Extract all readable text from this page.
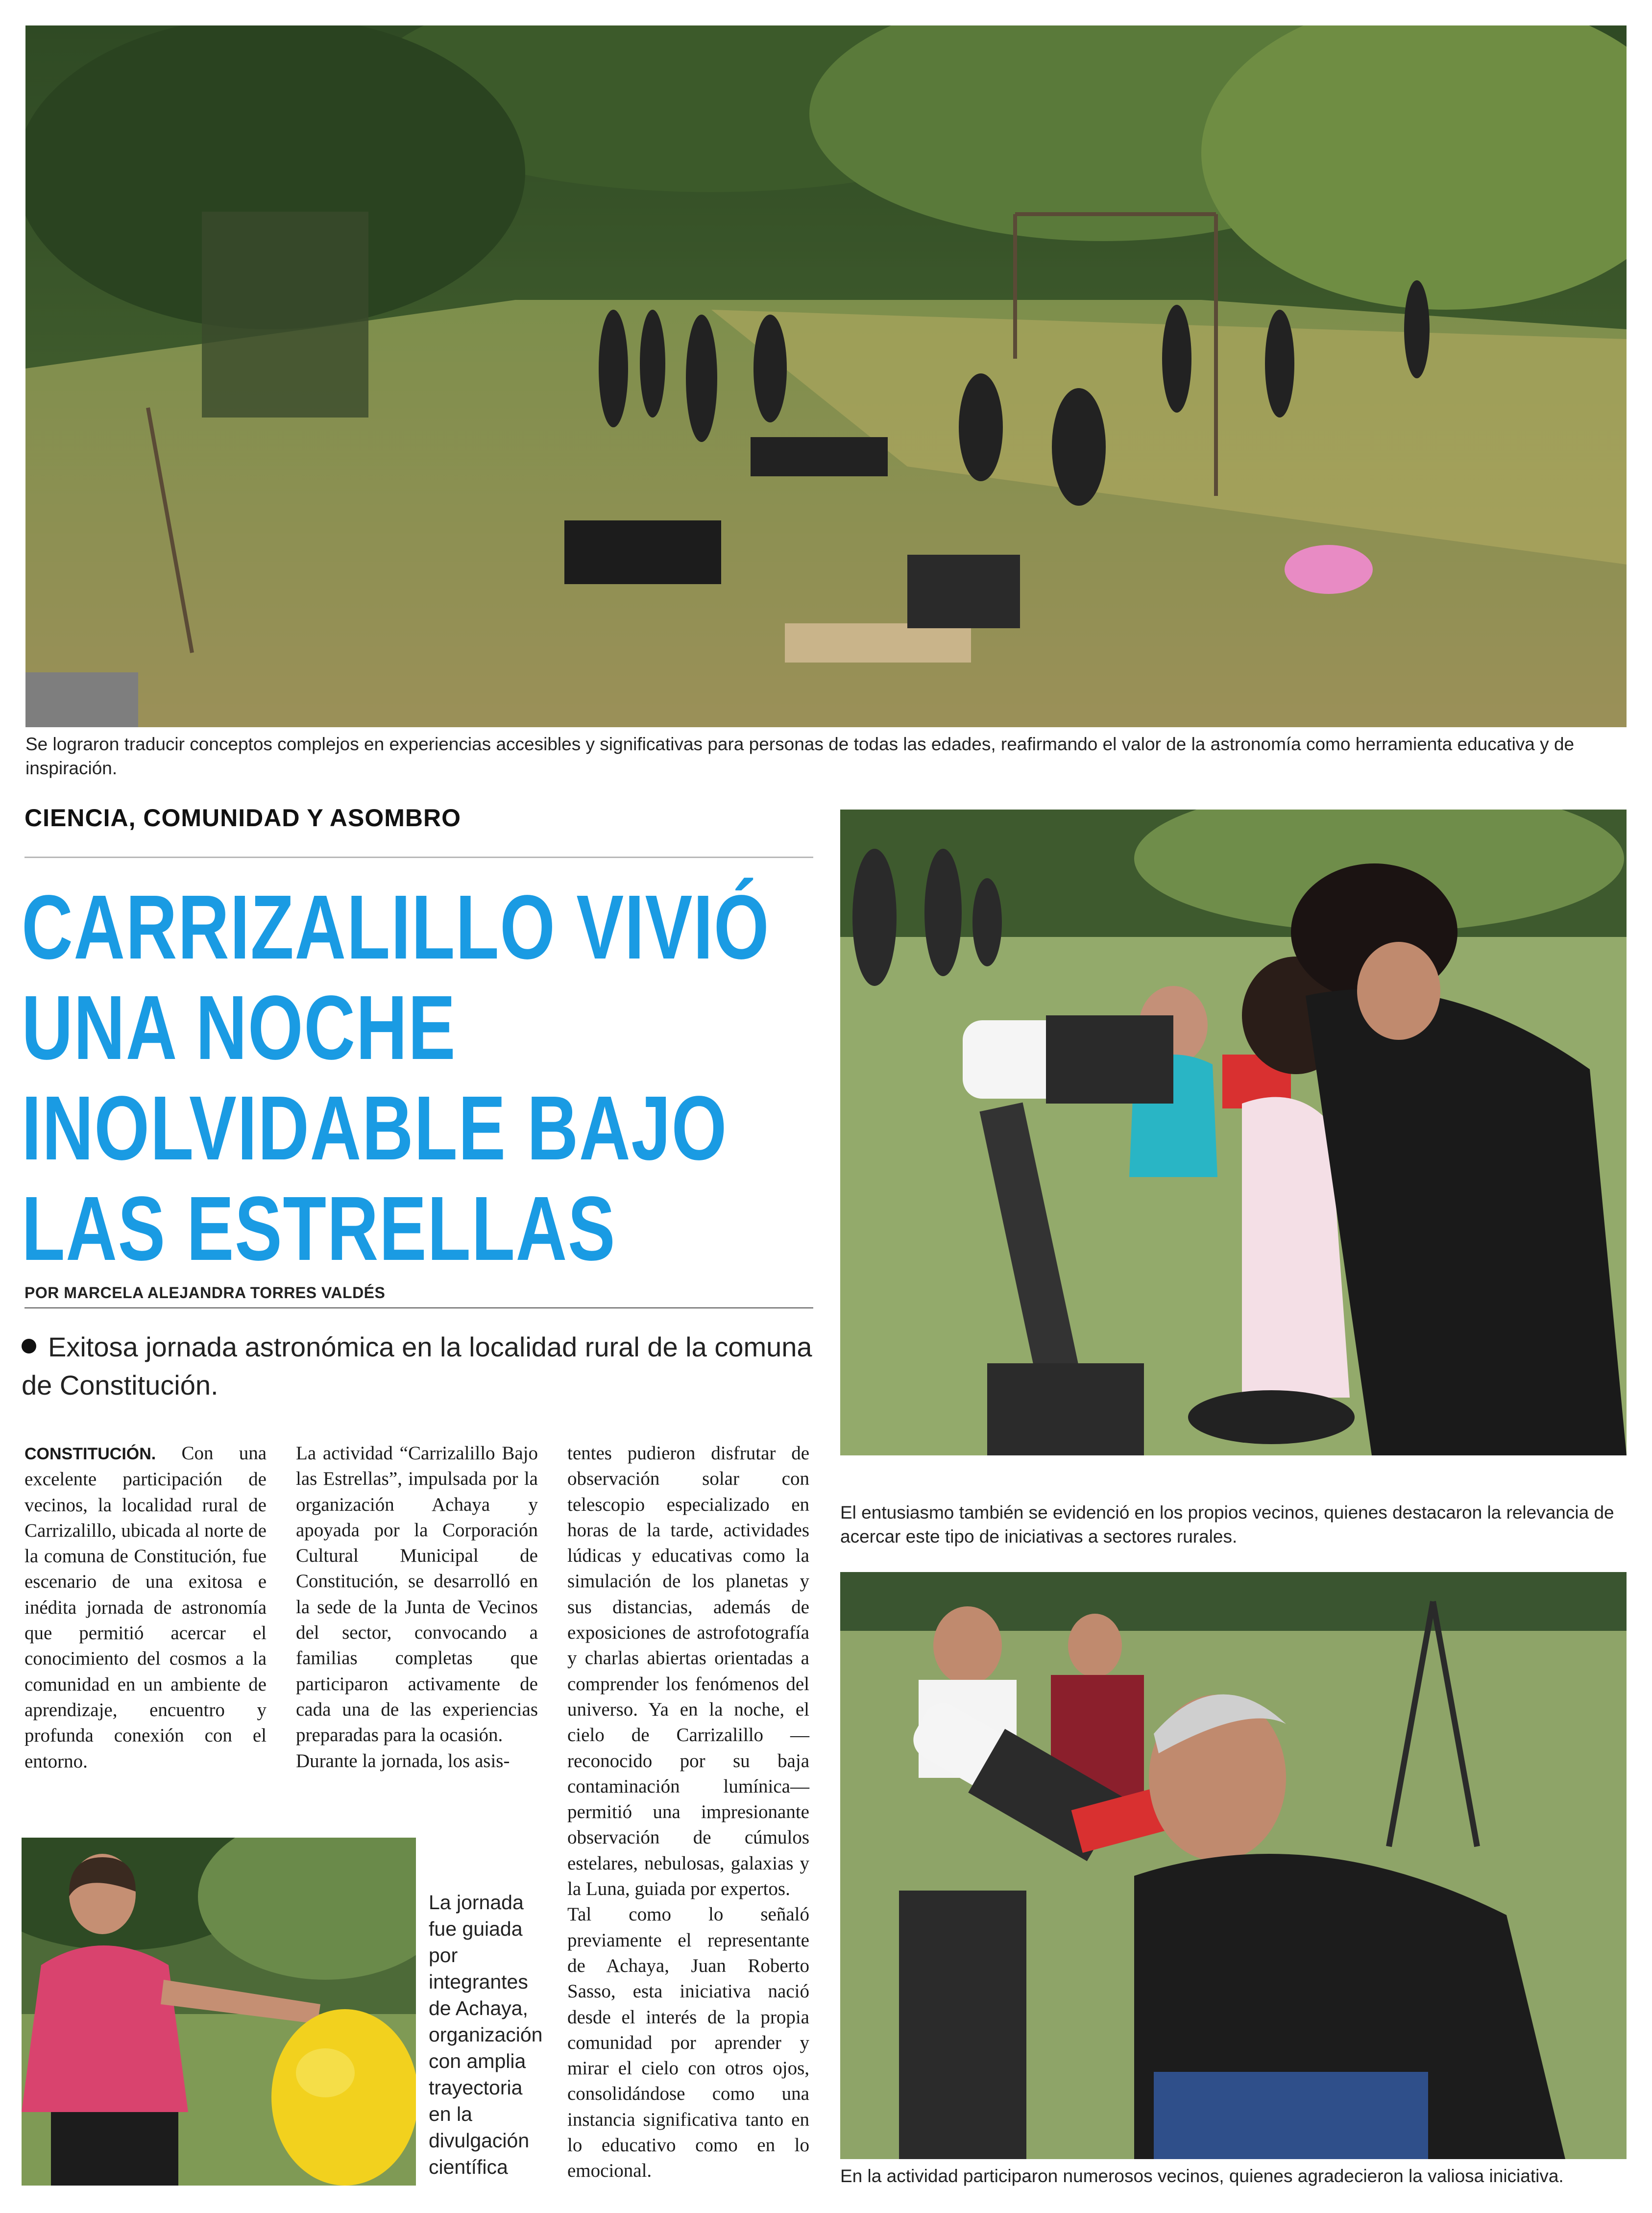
Se lograron traducir conceptos complejos en experiencias accesibles y significativas para personas de todas las edades, reafirmando el valor de la astronomía como herramienta educativa y de inspiración.
CIENCIA, COMUNIDAD Y ASOMBRO
CARRIZALILLO VIVIÓ
UNA NOCHE
INOLVIDABLE BAJO
LAS ESTRELLAS
POR MARCELA ALEJANDRA TORRES VALDÉS
Exitosa jornada astronómica en la localidad rural de la comuna de Constitución.

CONSTITUCIÓN. Con una excelente participación de vecinos, la localidad rural de Carrizalillo, ubicada al norte de la comuna de Constitución, fue escenario de una exitosa e inédita jornada de astronomía que permitió acercar el conocimiento del cosmos a la comunidad en un ambiente de aprendizaje, encuentro y profunda conexión con el entorno.

La actividad “Carrizalillo Bajo las Estrellas”, impulsada por la organización Achaya y apoyada por la Corporación Cultural Municipal de Constitución, se desarrolló en la sede de la Junta de Vecinos del sector, convocando a familias completas que participaron activamente de cada una de las experiencias preparadas para la ocasión.

Durante la jornada, los asis-

tentes pudieron disfrutar de observación solar con telescopio especializado en horas de la tarde, actividades lúdicas y educativas como la simulación de los planetas y sus distancias, además de exposiciones de astrofotografía y charlas abiertas orientadas a comprender los fenómenos del universo. Ya en la noche, el cielo de Carrizalillo —reconocido por su baja contaminación lumínica— permitió una impresionante observación de cúmulos estelares, nebulosas, galaxias y la Luna, guiada por expertos.

Tal como lo señaló previamente el representante de Achaya, Juan Roberto Sasso, esta iniciativa nació desde el interés de la propia comunidad por aprender y mirar el cielo con otros ojos, consolidándose como una instancia significativa tanto en lo educativo como en lo emocional.

La jornada fue guiada por integrantes de Achaya, organización con amplia trayectoria en la divulgación científica
El entusiasmo también se evidenció en los propios vecinos, quienes destacaron la relevancia de acercar este tipo de iniciativas a sectores rurales.
En la actividad participaron numerosos vecinos, quienes agradecieron la valiosa iniciativa.
